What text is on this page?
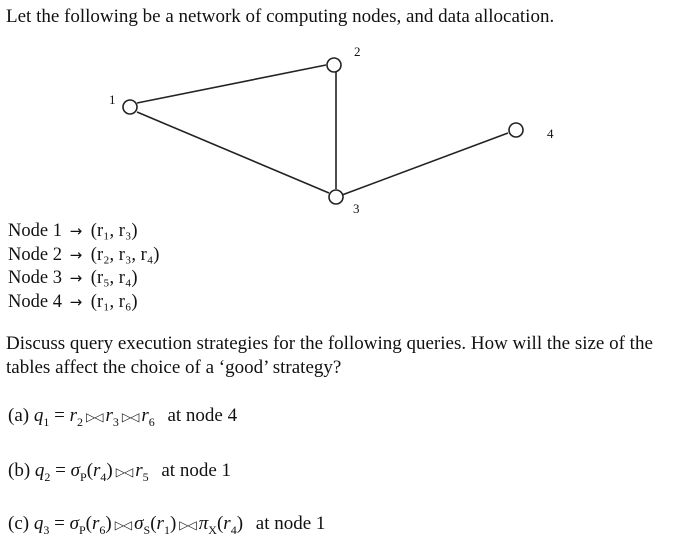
Let the following be a network of computing nodes, and data allocation.
1
2
3
4
Node 1 → (r₁, r₃)
Node 2 → (r₂, r₃, r₄)
Node 3 → (r₅, r₄)
Node 4 → (r₁, r₆)
Discuss query execution strategies for the following queries. How will the size of the tables affect the choice of a ‘good’ strategy?
(a) $q_1 = r_2$ ▷◁ $r_3$ ▷◁ $r_6$ at node 4
(b) $q_2 = \sigma_P(r_4)$ ▷◁ $r_5$ at node 1
(c) $q_3 = \sigma_P(r_6)$ ▷◁ $\sigma_S(r_1)$ ▷◁ $\pi_X(r_4)$ at node 1
